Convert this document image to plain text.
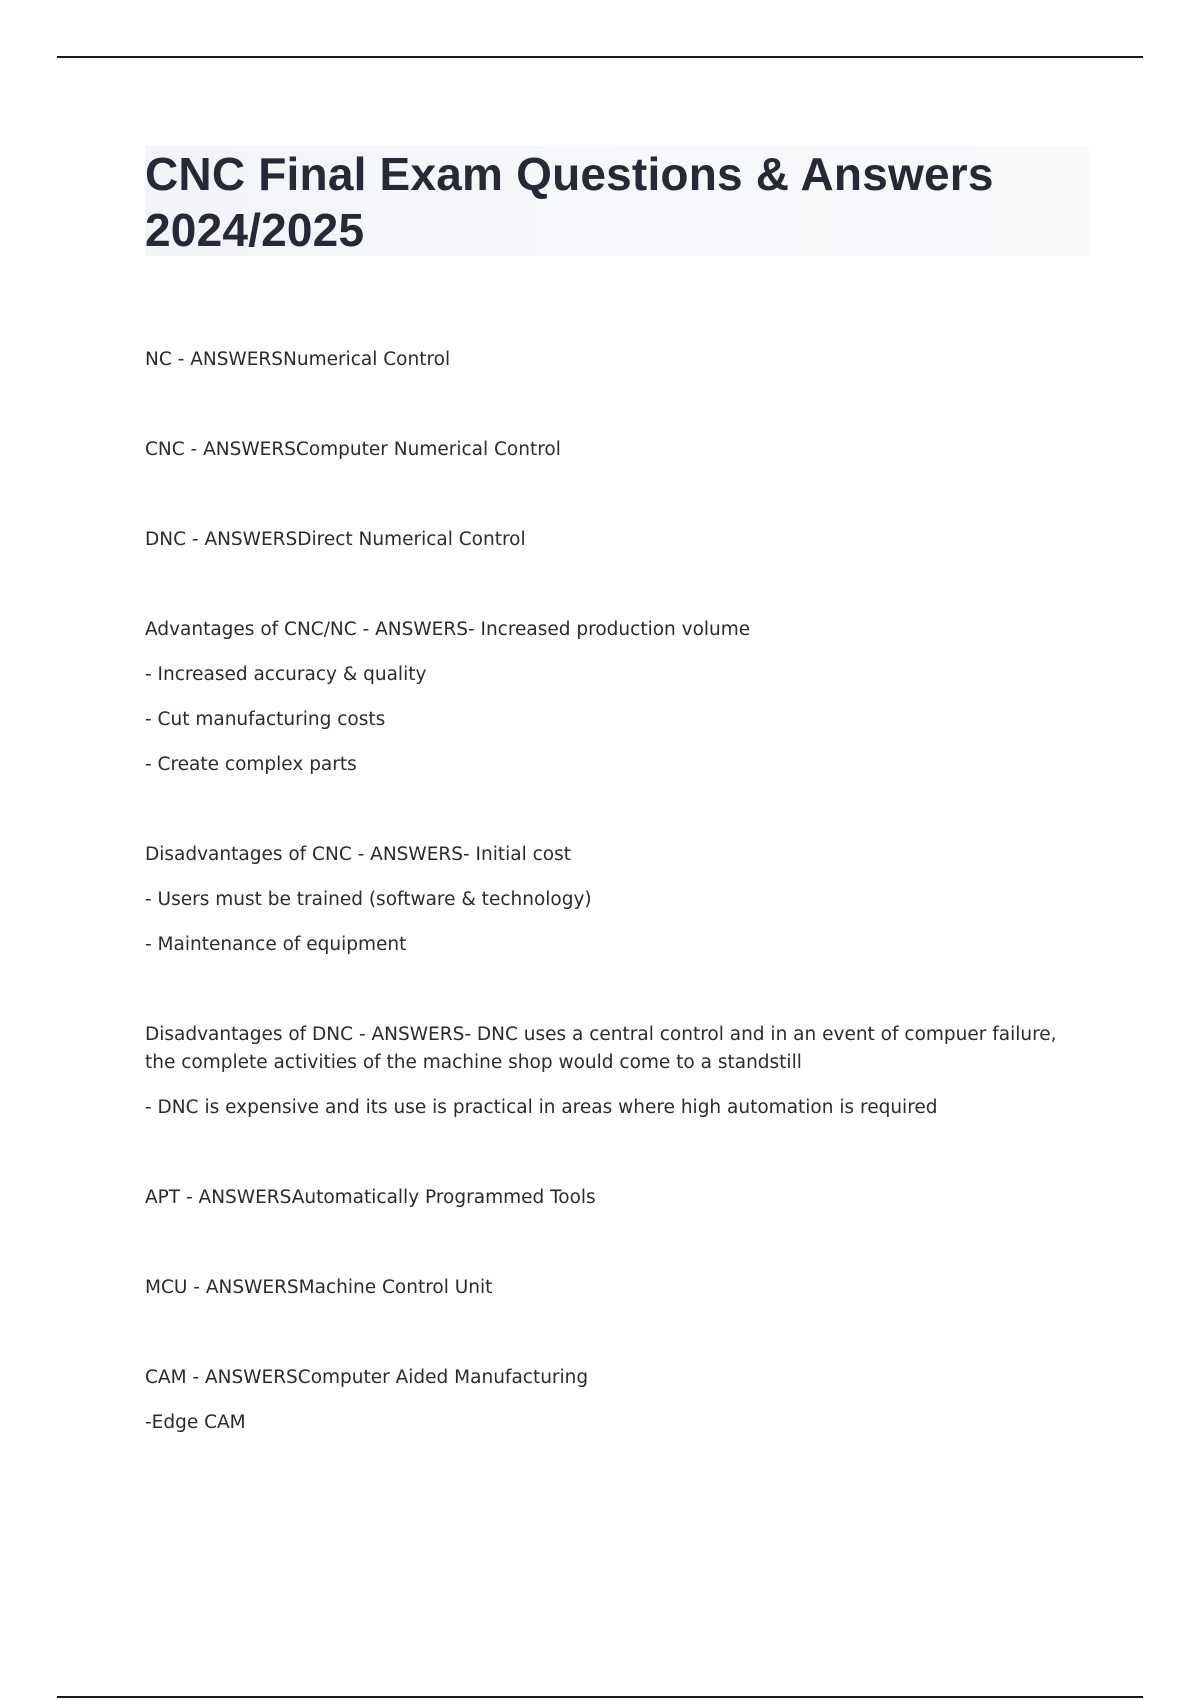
CNC Final Exam Questions & Answers 2024/2025
NC - ANSWERSNumerical Control
CNC - ANSWERSComputer Numerical Control
DNC - ANSWERSDirect Numerical Control
Advantages of CNC/NC - ANSWERS- Increased production volume
- Increased accuracy & quality
- Cut manufacturing costs
- Create complex parts
Disadvantages of CNC - ANSWERS- Initial cost
- Users must be trained (software & technology)
- Maintenance of equipment
Disadvantages of DNC - ANSWERS- DNC uses a central control and in an event of compuer failure, the complete activities of the machine shop would come to a standstill
- DNC is expensive and its use is practical in areas where high automation is required
APT - ANSWERSAutomatically Programmed Tools
MCU - ANSWERSMachine Control Unit
CAM - ANSWERSComputer Aided Manufacturing
-Edge CAM
